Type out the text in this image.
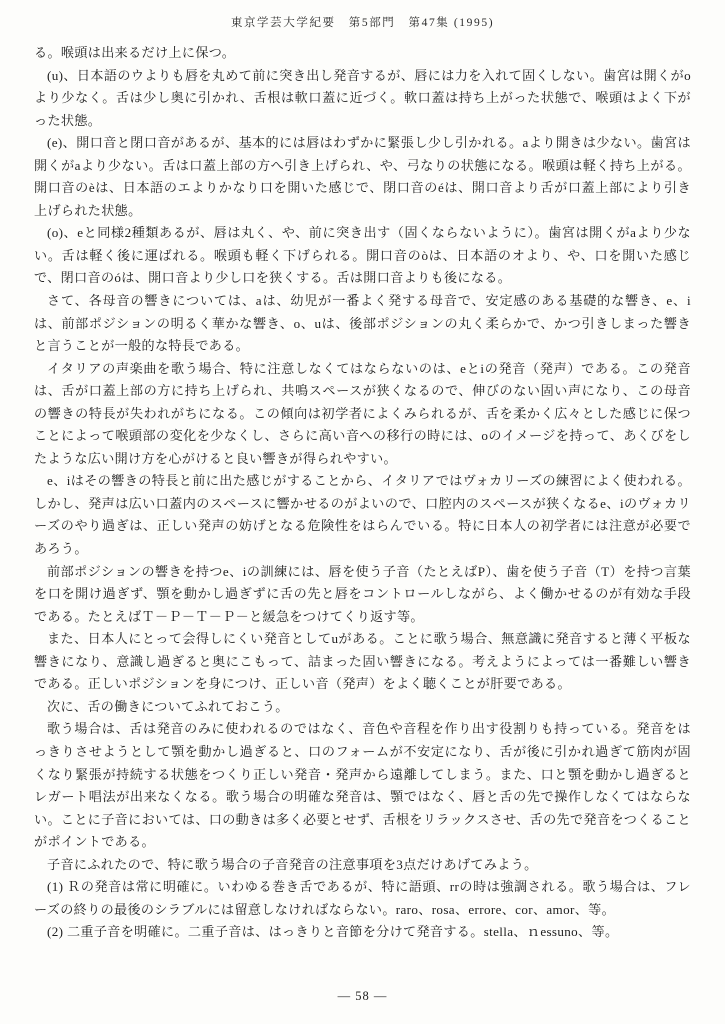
東京学芸大学紀要　第5部門　第47集 (1995)

る。喉頭は出来るだけ上に保つ。

(u)、日本語のウよりも唇を丸めて前に突き出し発音するが、唇には力を入れて固くしない。歯宮は開くがoより少なく。舌は少し奥に引かれ、舌根は軟口蓋に近づく。軟口蓋は持ち上がった状態で、喉頭はよく下がった状態。

(e)、開口音と閉口音があるが、基本的には唇はわずかに緊張し少し引かれる。aより開きは少ない。歯宮は開くがaより少ない。舌は口蓋上部の方へ引き上げられ、や、弓なりの状態になる。喉頭は軽く持ち上がる。開口音のèは、日本語のエよりかなり口を開いた感じで、閉口音のéは、開口音より舌が口蓋上部により引き上げられた状態。

(o)、eと同様2種類あるが、唇は丸く、や、前に突き出す（固くならないように）。歯宮は開くがaより少ない。舌は軽く後に運ばれる。喉頭も軽く下げられる。開口音のòは、日本語のオより、や、口を開いた感じで、閉口音のóは、開口音より少し口を狭くする。舌は開口音よりも後になる。

さて、各母音の響きについては、aは、幼児が一番よく発する母音で、安定感のある基礎的な響き、e、iは、前部ポジションの明るく華かな響き、o、uは、後部ポジションの丸く柔らかで、かつ引きしまった響きと言うことが一般的な特長である。

イタリアの声楽曲を歌う場合、特に注意しなくてはならないのは、eとiの発音（発声）である。この発音は、舌が口蓋上部の方に持ち上げられ、共鳴スペースが狭くなるので、伸びのない固い声になり、この母音の響きの特長が失われがちになる。この傾向は初学者によくみられるが、舌を柔かく広々とした感じに保つことによって喉頭部の変化を少なくし、さらに高い音への移行の時には、oのイメージを持って、あくびをしたような広い開け方を心がけると良い響きが得られやすい。

e、iはその響きの特長と前に出た感じがすることから、イタリアではヴォカリーズの練習によく使われる。しかし、発声は広い口蓋内のスペースに響かせるのがよいので、口腔内のスペースが狭くなるe、iのヴォカリーズのやり過ぎは、正しい発声の妨げとなる危険性をはらんでいる。特に日本人の初学者には注意が必要であろう。

前部ポジションの響きを持つe、iの訓練には、唇を使う子音（たとえばP）、歯を使う子音（T）を持つ言葉を口を開け過ぎず、顎を動かし過ぎずに舌の先と唇をコントロールしながら、よく働かせるのが有効な手段である。たとえばＴ－Ｐ－Ｔ－Ｐ－と緩急をつけてくり返す等。

また、日本人にとって会得しにくい発音としてuがある。ことに歌う場合、無意識に発音すると薄く平板な響きになり、意識し過ぎると奥にこもって、詰まった固い響きになる。考えようによっては一番難しい響きである。正しいポジションを身につけ、正しい音（発声）をよく聴くことが肝要である。

次に、舌の働きについてふれておこう。

歌う場合は、舌は発音のみに使われるのではなく、音色や音程を作り出す役割りも持っている。発音をはっきりさせようとして顎を動かし過ぎると、口のフォームが不安定になり、舌が後に引かれ過ぎて筋肉が固くなり緊張が持続する状態をつくり正しい発音・発声から遠離してしまう。また、口と顎を動かし過ぎるとレガート唱法が出来なくなる。歌う場合の明確な発音は、顎ではなく、唇と舌の先で操作しなくてはならない。ことに子音においては、口の動きは多く必要とせず、舌根をリラックスさせ、舌の先で発音をつくることがポイントである。

子音にふれたので、特に歌う場合の子音発音の注意事項を3点だけあげてみよう。

(1) Ｒの発音は常に明確に。いわゆる巻き舌であるが、特に語頭、rrの時は強調される。歌う場合は、フレーズの終りの最後のシラブルには留意しなければならない。raro、rosa、errore、cor、amor、等。

(2) 二重子音を明確に。二重子音は、はっきりと音節を分けて発音する。stella、ｎessuno、等。

— 58 —
